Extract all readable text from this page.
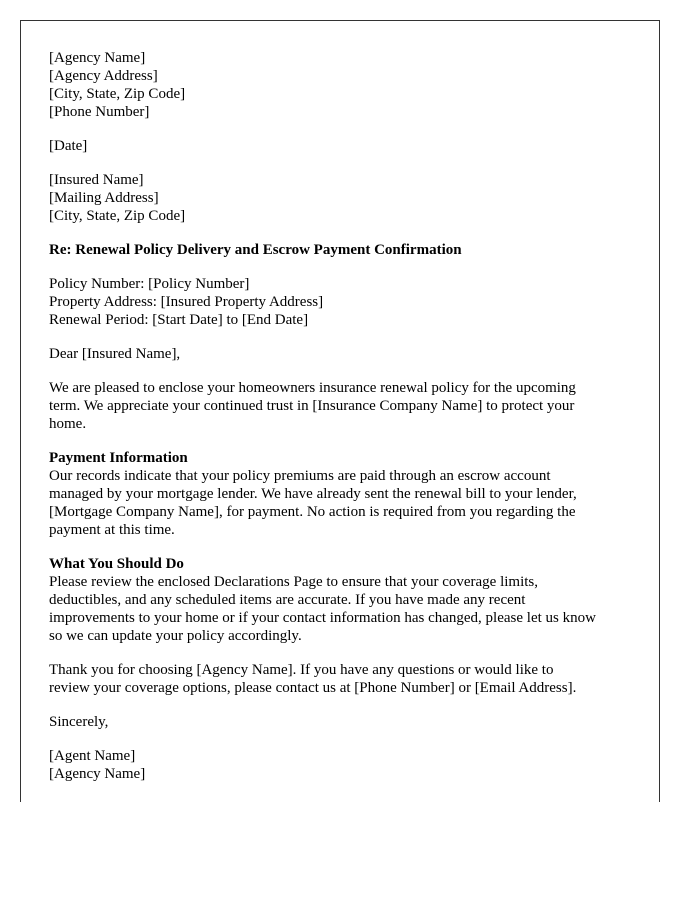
[Agency Name]
[Agency Address]
[City, State, Zip Code]
[Phone Number]
[Date]
[Insured Name]
[Mailing Address]
[City, State, Zip Code]
Re: Renewal Policy Delivery and Escrow Payment Confirmation
Policy Number: [Policy Number]
Property Address: [Insured Property Address]
Renewal Period: [Start Date] to [End Date]
Dear [Insured Name],
We are pleased to enclose your homeowners insurance renewal policy for the upcoming
term. We appreciate your continued trust in [Insurance Company Name] to protect your
home.
Payment Information
Our records indicate that your policy premiums are paid through an escrow account
managed by your mortgage lender. We have already sent the renewal bill to your lender,
[Mortgage Company Name], for payment. No action is required from you regarding the
payment at this time.
What You Should Do
Please review the enclosed Declarations Page to ensure that your coverage limits,
deductibles, and any scheduled items are accurate. If you have made any recent
improvements to your home or if your contact information has changed, please let us know
so we can update your policy accordingly.
Thank you for choosing [Agency Name]. If you have any questions or would like to
review your coverage options, please contact us at [Phone Number] or [Email Address].
Sincerely,
[Agent Name]
[Agency Name]
